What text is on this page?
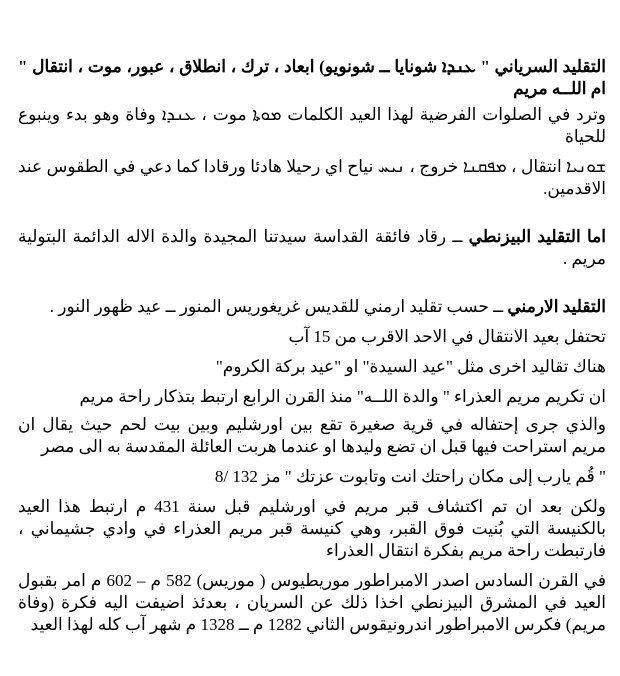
التقليد السرياني " ܥܢܕܐ شونايا ــ شونويو) ابعاد ، ترك ، انطلاق ، عبور، موت ، انتقال " ام اللــه مريم

وترد في الصلوات الفرضية لهذا العيد الكلمات ܡܘܬܐ موت ، ܥܢܕܐ وفاة وهو بدء وينبوع للحياة

ܫܘܢܝܐ انتقال ، ܡܦܩܢܐ خروج ، ܢܝܚ نياح اي رحيلا هادئا ورقادا كما دعي في الطقوس عند الاقدمين.

اما التقليد البيزنطي ــ رقاد فائقة القداسة سيدتنا المجيدة والدة الاله الدائمة البتولية مريم .

التقليد الارمني ــ حسب تقليد ارمني للقديس غريغوريس المنور ــ عيد ظهور النور .

تحتفل بعيد الانتقال في الاحد الاقرب من 15 آب

هناك تقاليد اخرى مثل "عيد السيدة" او "عيد بركة الكروم"

ان تكريم مريم العذراء " والدة اللــه" منذ القرن الرابع ارتبط بتذكار راحة مريم

والذي جرى إحتفاله في قرية صغيرة تقع بين اورشليم وبين بيت لحم حيث يقال ان مريم استراحت فيها قبل ان تضع وليدها او عندما هربت العائلة المقدسة به الى مصر

" قُم يارب إلى مكان راحتك انت وتابوت عزتك " مز 132 /8

ولكن بعد ان تم اكتشاف قبر مريم في اورشليم قبل سنة 431 م ارتبط هذا العيد بالكنيسة التي بُنيت فوق القبر، وهي كنيسة قبر مريم العذراء في وادي جشيماني ، فارتبطت راحة مريم بفكرة انتقال العذراء

في القرن السادس اصدر الامبراطور موريطيوس ( موريس) 582 م – 602 م امر بقبول العيد في المشرق البيزنطي اخذا ذلك عن السريان ، بعدئذ اضيفت اليه فكرة (وفاة مريم) فكرس الامبراطور اندرونيقوس الثاني 1282 م ــ 1328 م شهر آب كله لهذا العيد
